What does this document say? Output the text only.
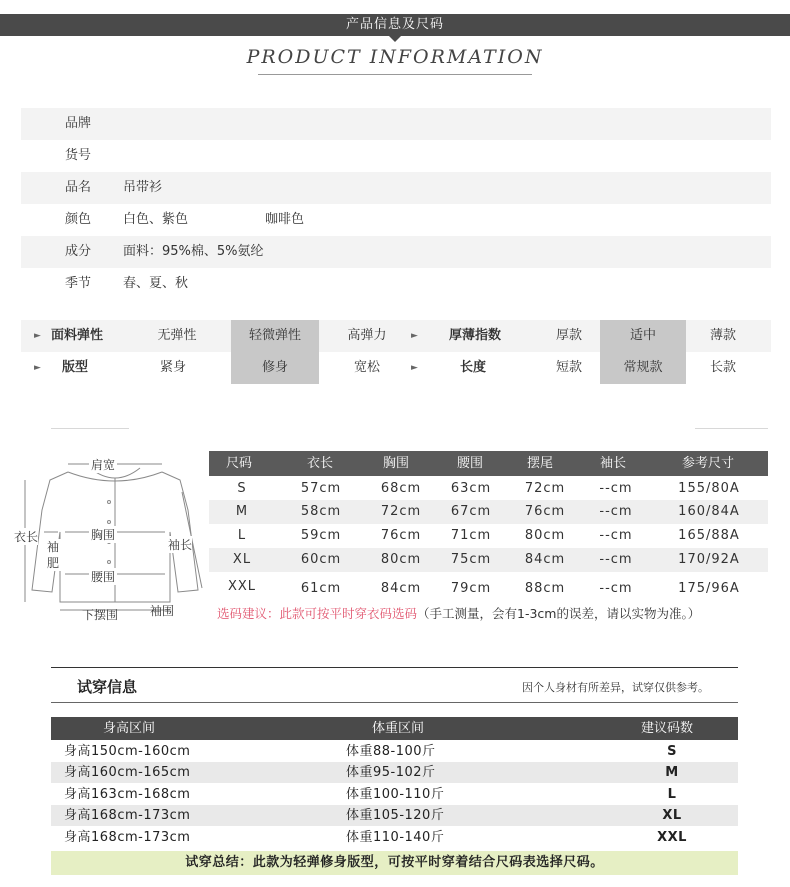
产品信息及尺码
PRODUCT INFORMATION
品牌
货号
品名 吊带衫
颜色 白色、紫色	咖啡色
成分 面料：95%棉、5%氨纶
季节 春、夏、秋
► 面料弹性	无弹性	轻微弹性	高弹力	► 厚薄指数	厚款	适中	薄款
► 版型	紧身	修身	宽松	►	长度	短款	常规款	长款
肩宽
衣长
袖
肥
胸围
袖长
腰围
下摆围	袖围
尺码	衣长	胸围	腰围	摆尾	袖长	参考尺寸
S	57cm	68cm	63cm	72cm	--cm	155/80A
M	58cm	72cm	67cm	76cm	--cm	160/84A
L	59cm	76cm	71cm	80cm	--cm	165/88A
XL	60cm	80cm	75cm	84cm	--cm	170/92A
XXL	61cm	84cm	79cm	88cm	--cm	175/96A
选码建议：此款可按平时穿衣码选码（手工测量，会有1-3cm的误差，请以实物为准。）
试穿信息	因个人身材有所差异，试穿仅供参考。
身高区间	体重区间	建议码数
身高150cm-160cm	体重88-100斤	S
身高160cm-165cm	体重95-102斤	M
身高163cm-168cm	体重100-110斤	L
身高168cm-173cm	体重105-120斤	XL
身高168cm-173cm	体重110-140斤	XXL
试穿总结：此款为轻弹修身版型，可按平时穿着结合尺码表选择尺码。
